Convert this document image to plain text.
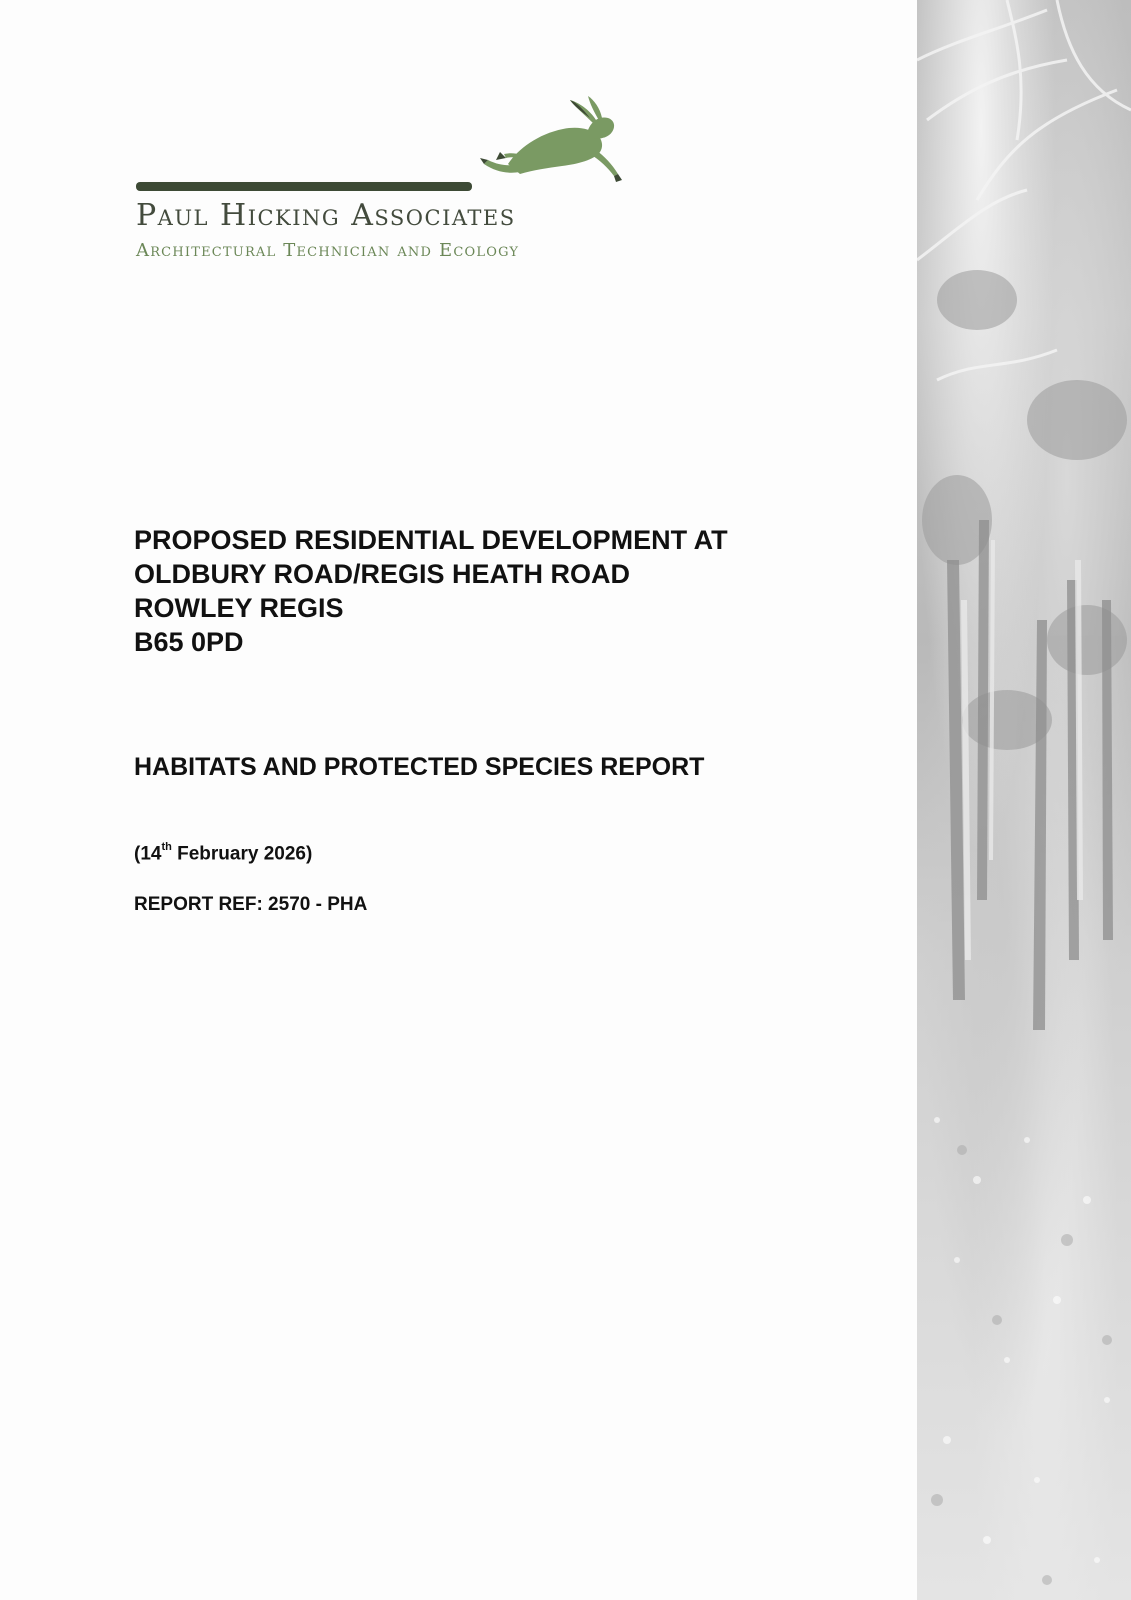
Paul Hicking Associates
Architectural Technician and Ecology
PROPOSED RESIDENTIAL DEVELOPMENT AT
OLDBURY ROAD/REGIS HEATH ROAD
ROWLEY REGIS
B65 0PD
HABITATS AND PROTECTED SPECIES REPORT
(14th February 2026)
REPORT REF: 2570 - PHA
